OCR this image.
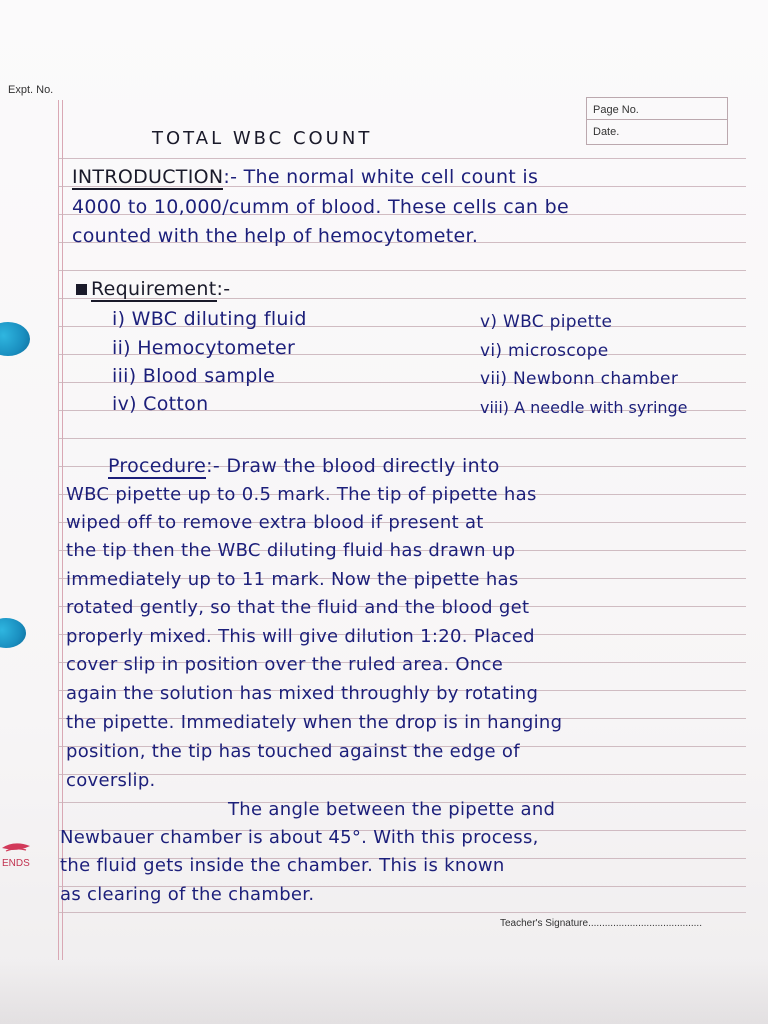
Expt. No.
Page No.
Date.
ENDS
TOTAL WBC COUNT
INTRODUCTION:- The normal white cell count is
4000 to 10,000/cumm of blood. These cells can be
counted with the help of hemocytometer.
Requirement:-
i) WBC diluting fluid
ii) Hemocytometer
iii) Blood sample
iv) Cotton
v) WBC pipette
vi) microscope
vii) Newbonn chamber
viii) A needle with syringe
Procedure:- Draw the blood directly into
WBC pipette up to 0.5 mark. The tip of pipette has
wiped off to remove extra blood if present at
the tip then the WBC diluting fluid has drawn up
immediately up to 11 mark. Now the pipette has
rotated gently, so that the fluid and the blood get
properly mixed. This will give dilution 1:20. Placed
cover slip in position over the ruled area. Once
again the solution has mixed throughly by rotating
the pipette. Immediately when the drop is in hanging
position, the tip has touched against the edge of
coverslip.
The angle between the pipette and
Newbauer chamber is about 45°. With this process,
the fluid gets inside the chamber. This is known
as clearing of the chamber.
Teacher's Signature.........................................
